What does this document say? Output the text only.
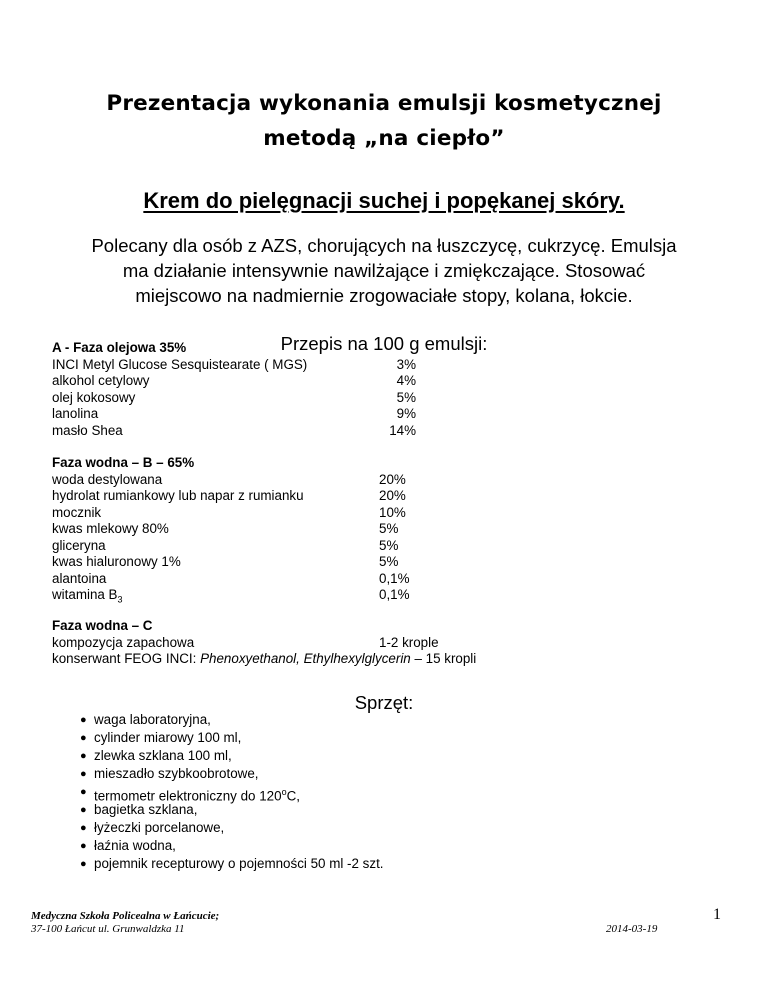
Prezentacja wykonania emulsji kosmetycznej
metodą „na ciepło”
Krem do pielęgnacji suchej i popękanej skóry.
Polecany dla osób z AZS, chorujących na łuszczycę, cukrzycę. Emulsja
ma działanie intensywnie nawilżające i zmiękczające. Stosować
miejscowo na nadmiernie zrogowaciałe stopy, kolana, łokcie.
Przepis na 100 g emulsji:
A - Faza olejowa 35%
INCI Metyl Glucose Sesquistearate ( MGS)	3%
alkohol cetylowy	4%
olej kokosowy	5%
lanolina	9%
masło Shea	14%
Faza wodna – B – 65%
woda destylowana	20%
hydrolat rumiankowy lub napar z rumianku	20%
mocznik	10%
kwas mlekowy 80%	5%
gliceryna	5%
kwas hialuronowy 1%	5%
alantoina	0,1%
witamina $B_3$	0,1%
Faza wodna – C
kompozycja zapachowa	1-2 krople
konserwant FEOG INCI: Phenoxyethanol, Ethylhexylglycerin – 15 kropli
Sprzęt:
● waga laboratoryjna,
● cylinder miarowy 100 ml,
● zlewka szklana 100 ml,
● mieszadło szybkoobrotowe,
● termometr elektroniczny do 120$^o$C,
● bagietka szklana,
● łyżeczki porcelanowe,
● łaźnia wodna,
● pojemnik recepturowy o pojemności 50 ml -2 szt.
Medyczna Szkoła Policealna w Łańcucie;
37-100 Łańcut ul. Grunwaldzka 11
1
2014-03-19
